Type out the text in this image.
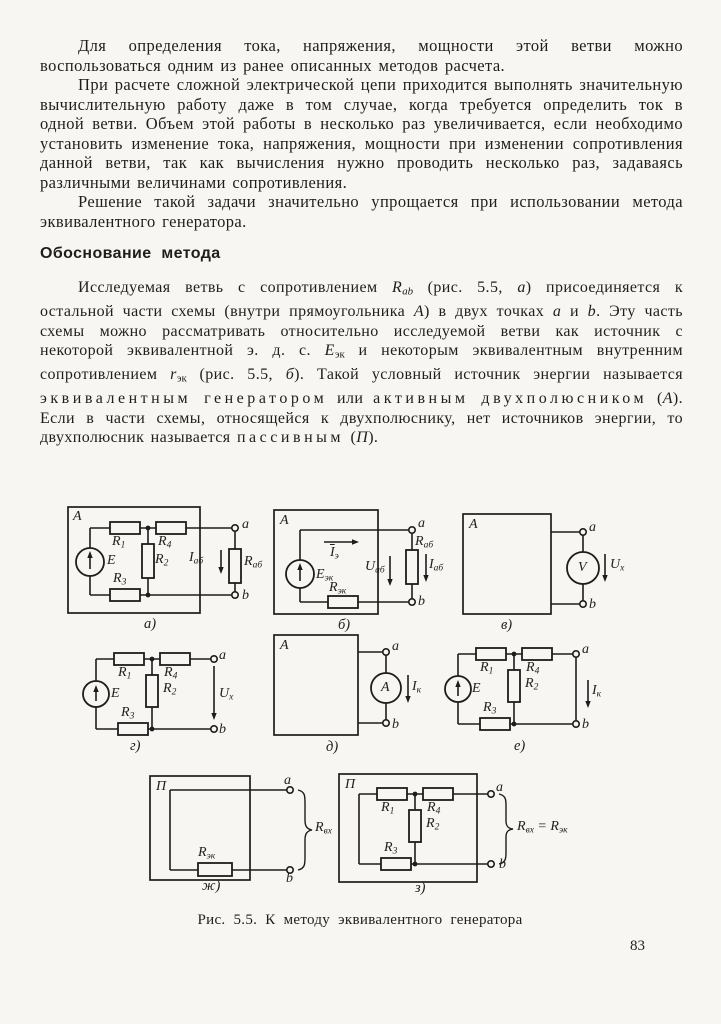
Для определения тока, напряжения, мощности этой ветви можно воспользоваться одним из ранее описанных методов расчета.

При расчете сложной электрической цепи приходится выполнять значительную вычислительную работу даже в том случае, когда требуется определить ток в одной ветви. Объем этой работы в несколько раз увеличивается, если необходимо установить изменение тока, напряжения, мощности при изменении сопротивления данной ветви, так как вычисления нужно проводить несколько раз, задаваясь различными величинами сопротивления.

Решение такой задачи значительно упрощается при использовании метода эквивалентного генератора.

Обоснование метода

Исследуемая ветвь с сопротивлением Rab (рис. 5.5, а) присоединяется к остальной части схемы (внутри прямоугольника А) в двух точках a и b. Эту часть схемы можно рассматривать относительно исследуемой ветви как источник с некоторой эквивалентной э. д. с. Eэк и некоторым эквивалентным внутренним сопротивлением rэк (рис. 5.5, б). Такой условный источник энергии называется эквивалентным генератором или активным двухполюсником (А). Если в части схемы, относящейся к двухполюснику, нет источников энергии, то двухполюсник называется пассивным (П).

A
R1 R4
R2
R3
E	Iаб	Rаб
a
b
а)
A
$\overline{I}э$
Eэк
Rэк
Rаб
Uаб	Iаб
a
b
б)
A
V Uх
a
b
в)
R1 R4
R2
R3
E	Uх
a
b
г)
A
A Iк
a
b
д)
R1 R4
R2
R3
E	Iк
a
b
е)
П
Rэк
Rвх
a
b
ж)
П
R1 R4
R2
R3
Rвх = Rэк
a
b
з)
Рис. 5.5. К методу эквивалентного генератора
83
